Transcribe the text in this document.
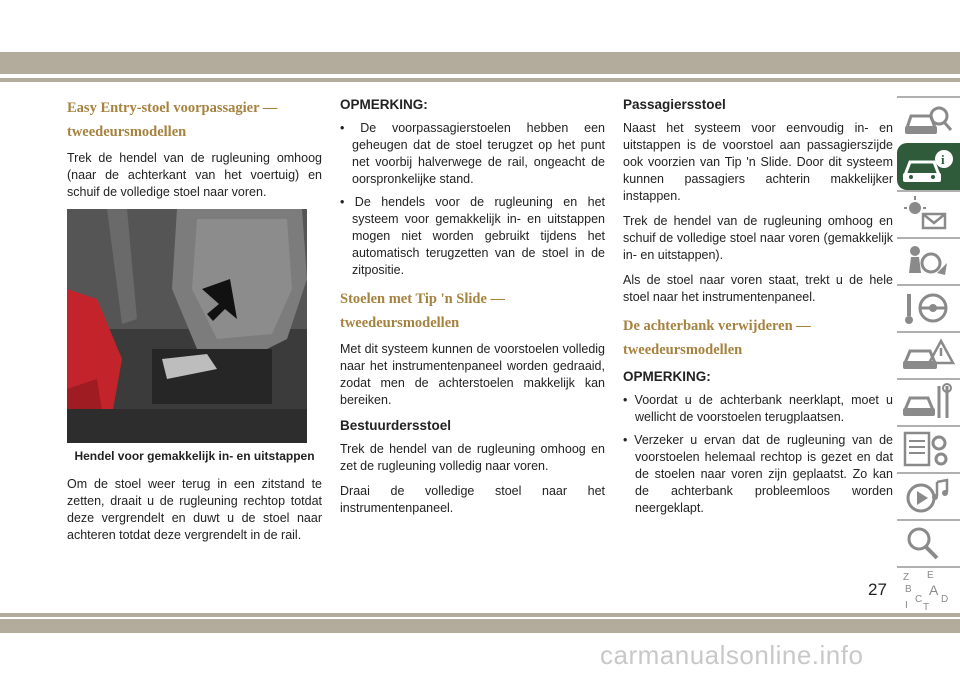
Easy Entry-stoel voorpassagier — tweedeursmodellen

Trek de hendel van de rugleuning omhoog (naar de achterkant van het voertuig) en schuif de volledige stoel naar voren.

Hendel voor gemakkelijk in- en uitstappen

Om de stoel weer terug in een zitstand te zetten, draait u de rugleuning rechtop totdat deze vergrendelt en duwt u de stoel naar achteren totdat deze vergrendelt in de rail.

OPMERKING:
• De voorpassagierstoelen hebben een geheugen dat de stoel terugzet op het punt net voorbij halverwege de rail, ongeacht de oorspronkelijke stand.
• De hendels voor de rugleuning en het systeem voor gemakkelijk in- en uitstappen mogen niet worden gebruikt tijdens het automatisch terugzetten van de stoel in de zitpositie.
Stoelen met Tip 'n Slide — tweedeursmodellen

Met dit systeem kunnen de voorstoelen volledig naar het instrumentenpaneel worden gedraaid, zodat men de achterstoelen makkelijk kan bereiken.

Bestuurdersstoel

Trek de hendel van de rugleuning omhoog en zet de rugleuning volledig naar voren.

Draai de volledige stoel naar het instrumentenpaneel.

Passagiersstoel

Naast het systeem voor eenvoudig in- en uitstappen is de voorstoel aan passagierszijde ook voorzien van Tip 'n Slide. Door dit systeem kunnen passagiers achterin makkelijker instappen.

Trek de hendel van de rugleuning omhoog en schuif de volledige stoel naar voren (gemakkelijk in- en uitstappen).

Als de stoel naar voren staat, trekt u de hele stoel naar het instrumentenpaneel.

De achterbank verwijderen — tweedeursmodellen
OPMERKING:
• Voordat u de achterbank neerklapt, moet u wellicht de voorstoelen terugplaatsen.
• Verzeker u ervan dat de rugleuning van de voorstoelen helemaal rechtop is gezet en dat de stoelen naar voren zijn geplaatst. Zo kan de achterbank probleemloos worden neergeklapt.
i
Z E
B A
C D
I T
27
carmanualsonline.info
